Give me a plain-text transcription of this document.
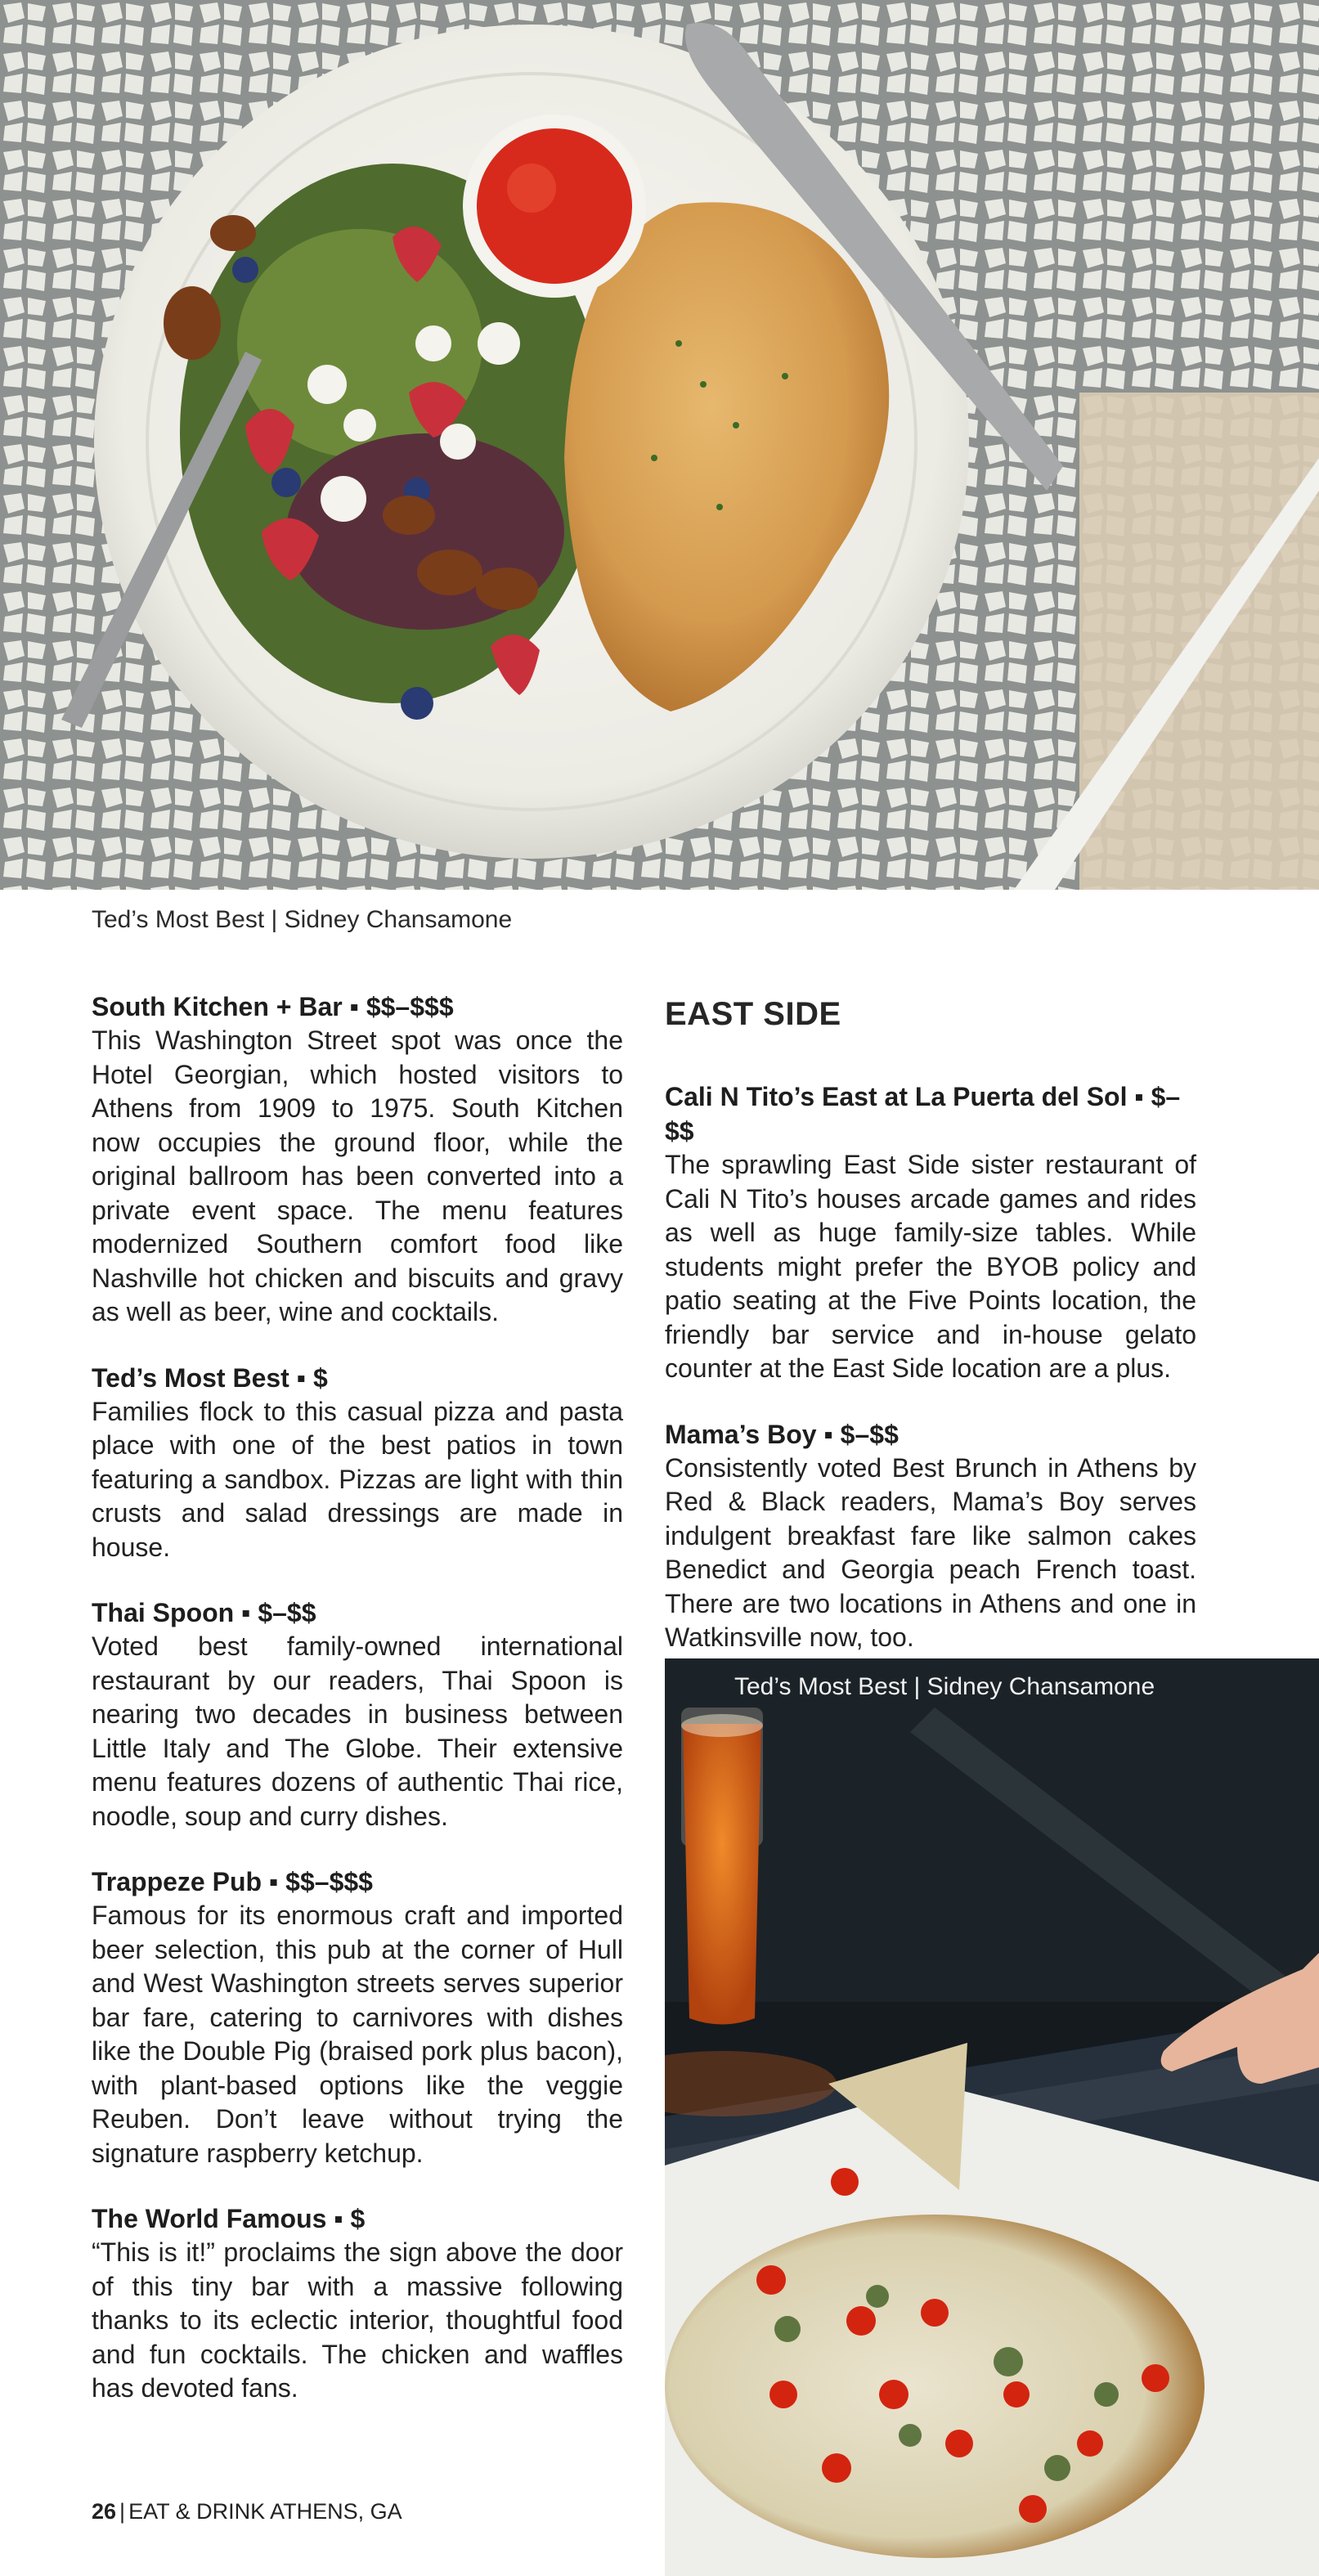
Ted’s Most Best | Sidney Chansamone
South Kitchen + Bar ▪ $$–$$$
This Washington Street spot was once the Hotel Georgian, which hosted visitors to Athens from 1909 to 1975. South Kitchen now occupies the ground floor, while the original ballroom has been converted into a private event space. The menu features modernized Southern comfort food like Nashville hot chicken and biscuits and gravy as well as beer, wine and cocktails.
Ted’s Most Best ▪ $
Families flock to this casual pizza and pasta place with one of the best patios in town featuring a sandbox. Pizzas are light with thin crusts and salad dressings are made in house.
Thai Spoon ▪ $–$$
Voted best family-owned international restaurant by our readers, Thai Spoon is nearing two decades in business between Little Italy and The Globe. Their extensive menu features dozens of authentic Thai rice, noodle, soup and curry dishes.
Trappeze Pub ▪ $$–$$$
Famous for its enormous craft and imported beer selection, this pub at the corner of Hull and West Washington streets serves superior bar fare, catering to carnivores with dishes like the Double Pig (braised pork plus bacon), with plant-based options like the veggie Reuben. Don’t leave without trying the signature raspberry ketchup.
The World Famous ▪ $
“This is it!” proclaims the sign above the door of this tiny bar with a massive following thanks to its eclectic interior, thoughtful food and fun cocktails. The chicken and waffles has devoted fans.
EAST SIDE
Cali N Tito’s East at La Puerta del Sol ▪ $–$$
The sprawling East Side sister restaurant of Cali N Tito’s houses arcade games and rides as well as huge family-size tables. While students might prefer the BYOB policy and patio seating at the Five Points location, the friendly bar service and in-house gelato counter at the East Side location are a plus.
Mama’s Boy ▪ $–$$
Consistently voted Best Brunch in Athens by Red & Black readers, Mama’s Boy serves indulgent breakfast fare like salmon cakes Benedict and Georgia peach French toast. There are two locations in Athens and one in Watkinsville now, too.
Ted’s Most Best | Sidney Chansamone
26 | EAT & DRINK ATHENS, GA
